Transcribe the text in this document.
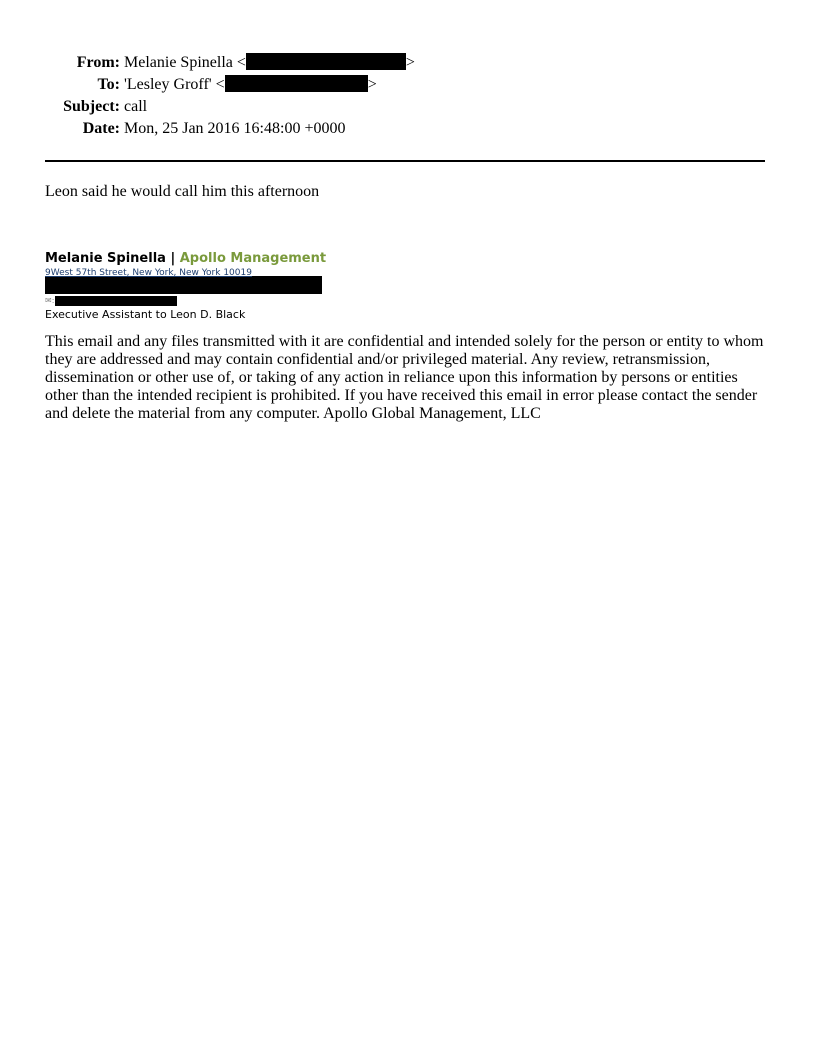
From: Melanie Spinella <	>
To: 'Lesley Groff' <	>
Subject: call
Date: Mon, 25 Jan 2016 16:48:00 +0000
Leon said he would call him this afternoon
Melanie Spinella | Apollo Management
9West 57th Street, New York, New York 10019
✉ :
Executive Assistant to Leon D. Black
This email and any files transmitted with it are confidential and intended solely for the person or entity to whom they are addressed and may contain confidential and/or privileged material. Any review, retransmission, dissemination or other use of, or taking of any action in reliance upon this information by persons or entities other than the intended recipient is prohibited. If you have received this email in error please contact the sender and delete the material from any computer. Apollo Global Management, LLC
